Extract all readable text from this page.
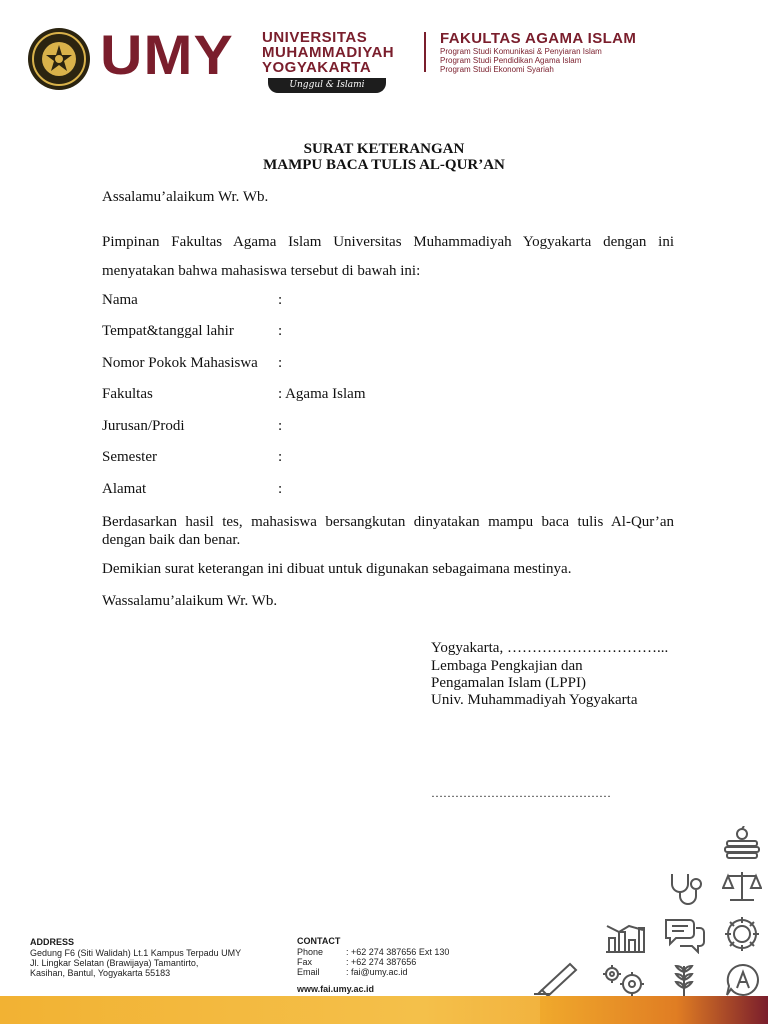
UMY UNIVERSITAS
MUHAMMADIYAH
YOGYAKARTA
Unggul & Islami
FAKULTAS AGAMA ISLAM
Program Studi Komunikasi & Penyiaran Islam
Program Studi Pendidikan Agama Islam
Program Studi Ekonomi Syariah
SURAT KETERANGAN
MAMPU BACA TULIS AL-QUR’AN
Assalamu’alaikum Wr. Wb.
Pimpinan Fakultas Agama Islam Universitas Muhammadiyah Yogyakarta dengan ini menyatakan bahwa mahasiswa tersebut di bawah ini:
Nama	:
Tempat&tanggal lahir	:
Nomor Pokok Mahasiswa :
Fakultas	: Agama Islam
Jurusan/Prodi	:
Semester	:
Alamat	:
Berdasarkan hasil tes, mahasiswa bersangkutan dinyatakan mampu baca tulis Al-Qur’an dengan baik dan benar.
Demikian surat keterangan ini dibuat untuk digunakan sebagaimana mestinya.
Wassalamu’alaikum Wr. Wb.
Yogyakarta, …………………………...
Lembaga Pengkajian dan
Pengamalan Islam (LPPI)
Univ. Muhammadiyah Yogyakarta
………………………………………
ADDRESS
Gedung F6 (Siti Walidah) Lt.1 Kampus Terpadu UMY
Jl. Lingkar Selatan (Brawijaya) Tamantirto,
Kasihan, Bantul, Yogyakarta 55183
CONTACT
Phone	: +62 274 387656 Ext 130
Fax	: +62 274 387656
Email	: fai@umy.ac.id
www.fai.umy.ac.id
